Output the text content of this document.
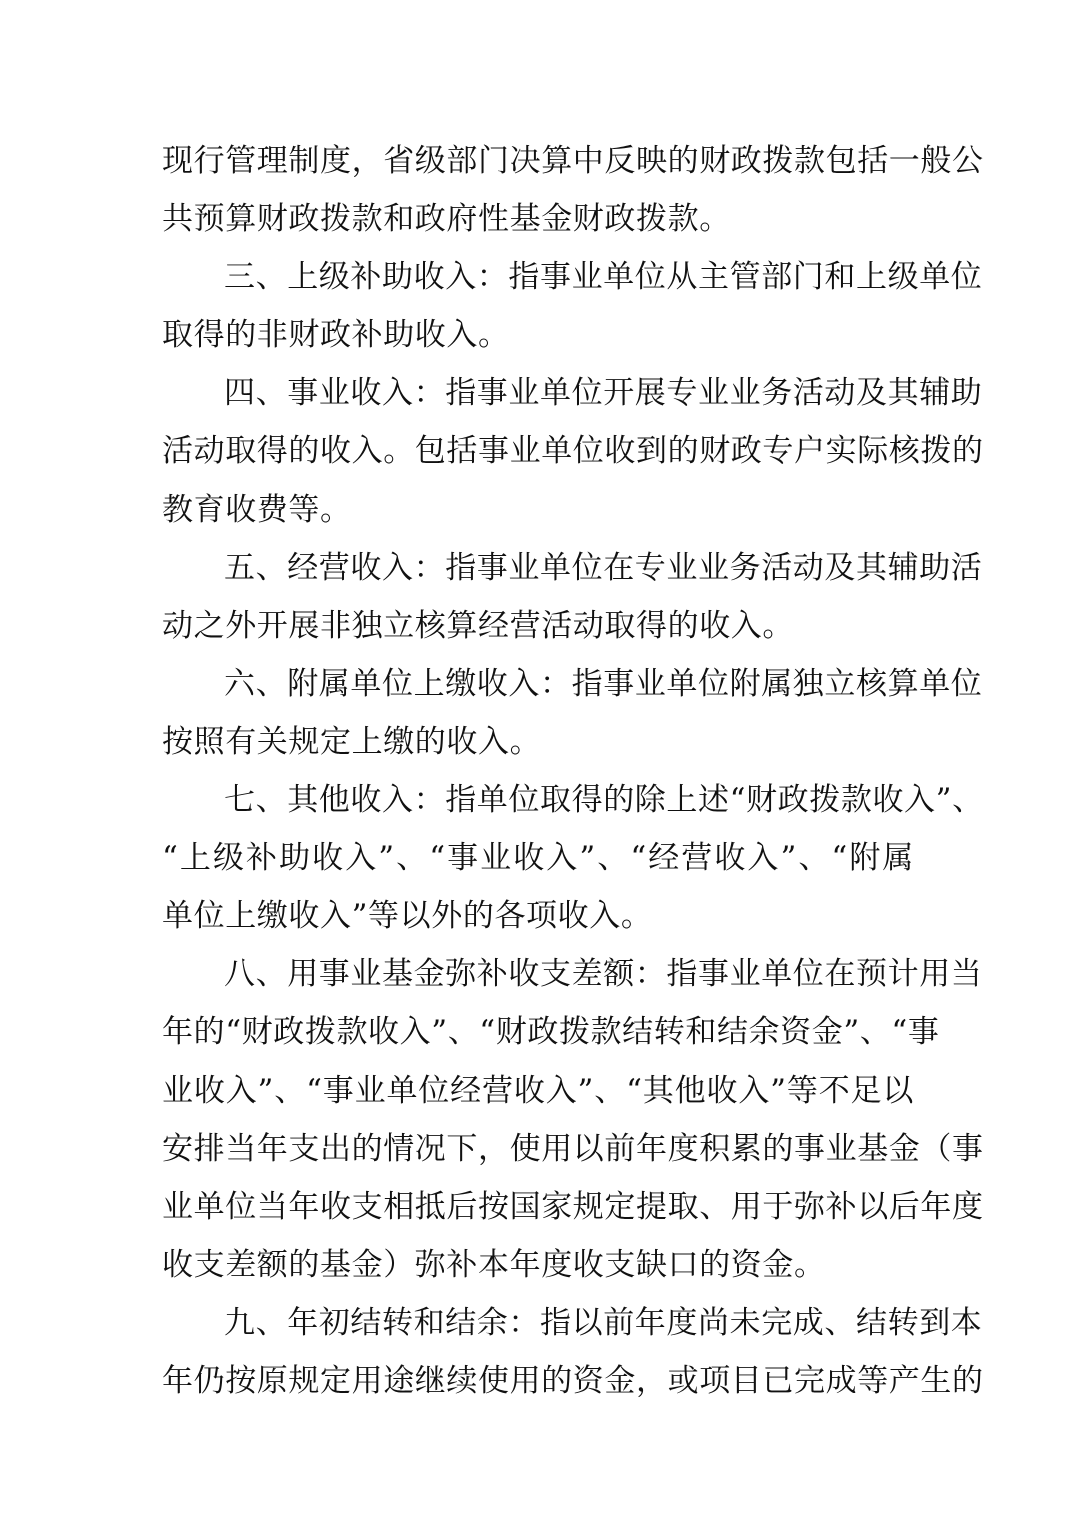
现行管理制度，省级部门决算中反映的财政拨款包括一般公
共预算财政拨款和政府性基金财政拨款。
三、上级补助收入：指事业单位从主管部门和上级单位
取得的非财政补助收入。
四、事业收入：指事业单位开展专业业务活动及其辅助
活动取得的收入。包括事业单位收到的财政专户实际核拨的
教育收费等。
五、经营收入：指事业单位在专业业务活动及其辅助活
动之外开展非独立核算经营活动取得的收入。
六、附属单位上缴收入：指事业单位附属独立核算单位
按照有关规定上缴的收入。
七、其他收入：指单位取得的除上述“财政拨款收入”、
“上级补助收入”、“事业收入”、“经营收入”、“附属
单位上缴收入”等以外的各项收入。
八、用事业基金弥补收支差额：指事业单位在预计用当
年的“财政拨款收入”、“财政拨款结转和结余资金”、“事
业收入”、“事业单位经营收入”、“其他收入”等不足以
安排当年支出的情况下，使用以前年度积累的事业基金（事
业单位当年收支相抵后按国家规定提取、用于弥补以后年度
收支差额的基金）弥补本年度收支缺口的资金。
九、年初结转和结余：指以前年度尚未完成、结转到本
年仍按原规定用途继续使用的资金，或项目已完成等产生的
